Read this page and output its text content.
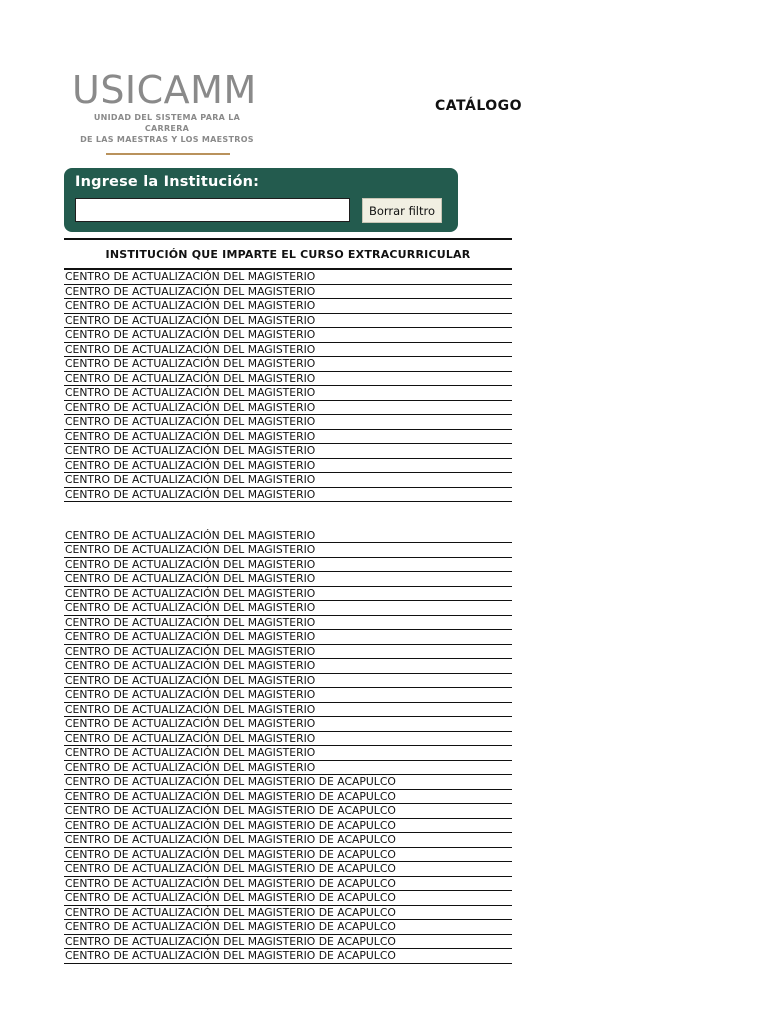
USICAMM
UNIDAD DEL SISTEMA PARA LA CARRERA
DE LAS MAESTRAS Y LOS MAESTROS
CATÁLOGO
Ingrese la Institución:
Borrar filtro
INSTITUCIÓN QUE IMPARTE EL CURSO EXTRACURRICULAR
CENTRO DE ACTUALIZACIÓN DEL MAGISTERIO
CENTRO DE ACTUALIZACIÓN DEL MAGISTERIO
CENTRO DE ACTUALIZACIÓN DEL MAGISTERIO
CENTRO DE ACTUALIZACIÓN DEL MAGISTERIO
CENTRO DE ACTUALIZACIÓN DEL MAGISTERIO
CENTRO DE ACTUALIZACIÓN DEL MAGISTERIO
CENTRO DE ACTUALIZACIÓN DEL MAGISTERIO
CENTRO DE ACTUALIZACIÓN DEL MAGISTERIO
CENTRO DE ACTUALIZACIÓN DEL MAGISTERIO
CENTRO DE ACTUALIZACIÓN DEL MAGISTERIO
CENTRO DE ACTUALIZACIÓN DEL MAGISTERIO
CENTRO DE ACTUALIZACIÓN DEL MAGISTERIO
CENTRO DE ACTUALIZACIÓN DEL MAGISTERIO
CENTRO DE ACTUALIZACIÓN DEL MAGISTERIO
CENTRO DE ACTUALIZACIÓN DEL MAGISTERIO
CENTRO DE ACTUALIZACIÓN DEL MAGISTERIO
CENTRO DE ACTUALIZACIÓN DEL MAGISTERIO
CENTRO DE ACTUALIZACIÓN DEL MAGISTERIO
CENTRO DE ACTUALIZACIÓN DEL MAGISTERIO
CENTRO DE ACTUALIZACIÓN DEL MAGISTERIO
CENTRO DE ACTUALIZACIÓN DEL MAGISTERIO
CENTRO DE ACTUALIZACIÓN DEL MAGISTERIO
CENTRO DE ACTUALIZACIÓN DEL MAGISTERIO
CENTRO DE ACTUALIZACIÓN DEL MAGISTERIO
CENTRO DE ACTUALIZACIÓN DEL MAGISTERIO
CENTRO DE ACTUALIZACIÓN DEL MAGISTERIO
CENTRO DE ACTUALIZACIÓN DEL MAGISTERIO
CENTRO DE ACTUALIZACIÓN DEL MAGISTERIO
CENTRO DE ACTUALIZACIÓN DEL MAGISTERIO
CENTRO DE ACTUALIZACIÓN DEL MAGISTERIO
CENTRO DE ACTUALIZACIÓN DEL MAGISTERIO
CENTRO DE ACTUALIZACIÓN DEL MAGISTERIO
CENTRO DE ACTUALIZACIÓN DEL MAGISTERIO
CENTRO DE ACTUALIZACIÓN DEL MAGISTERIO DE ACAPULCO
CENTRO DE ACTUALIZACIÓN DEL MAGISTERIO DE ACAPULCO
CENTRO DE ACTUALIZACIÓN DEL MAGISTERIO DE ACAPULCO
CENTRO DE ACTUALIZACIÓN DEL MAGISTERIO DE ACAPULCO
CENTRO DE ACTUALIZACIÓN DEL MAGISTERIO DE ACAPULCO
CENTRO DE ACTUALIZACIÓN DEL MAGISTERIO DE ACAPULCO
CENTRO DE ACTUALIZACIÓN DEL MAGISTERIO DE ACAPULCO
CENTRO DE ACTUALIZACIÓN DEL MAGISTERIO DE ACAPULCO
CENTRO DE ACTUALIZACIÓN DEL MAGISTERIO DE ACAPULCO
CENTRO DE ACTUALIZACIÓN DEL MAGISTERIO DE ACAPULCO
CENTRO DE ACTUALIZACIÓN DEL MAGISTERIO DE ACAPULCO
CENTRO DE ACTUALIZACIÓN DEL MAGISTERIO DE ACAPULCO
CENTRO DE ACTUALIZACIÓN DEL MAGISTERIO DE ACAPULCO
